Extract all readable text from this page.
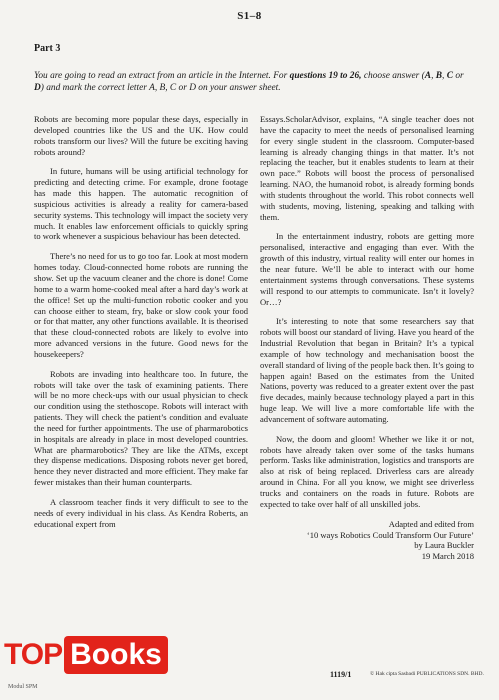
S1–8
Part 3
You are going to read an extract from an article in the Internet. For questions 19 to 26, choose answer (A, B, C or D) and mark the correct letter A, B, C or D on your answer sheet.

Robots are becoming more popular these days, especially in developed countries like the US and the UK. How could robots transform our lives? Will the future be exciting having robots around?

In future, humans will be using artificial technology for predicting and detecting crime. For example, drone footage has made this happen. The automatic recognition of suspicious activities is already a reality for camera-based security systems. This technology will impact the society very much. It enables law enforcement officials to quickly spring to work whenever a suspicious behaviour has been detected.

There’s no need for us to go too far. Look at most modern homes today. Cloud-connected home robots are running the show. Set up the vacuum cleaner and the chore is done! Come home to a warm home-cooked meal after a hard day’s work at the office! Set up the multi-function robotic cooker and you can choose either to steam, fry, bake or slow cook your food or for that matter, any other functions available. It is theorised that these cloud-connected robots are likely to evolve into more advanced versions in the future. Good news for the housekeepers?

Robots are invading into healthcare too. In future, the robots will take over the task of examining patients. There will be no more check-ups with our usual physician to check our condition using the stethoscope. Robots will interact with patients. They will check the patient’s condition and evaluate the need for further appointments. The use of pharmarobotics in hospitals are already in place in most developed countries. What are pharmarobotics? They are like the ATMs, except they dispense medications. Disposing robots never get bored, hence they never distracted and more efficient. They make far fewer mistakes than their human counterparts.

A classroom teacher finds it very difficult to see to the needs of every individual in his class. As Kendra Roberts, an educational expert from

Essays.ScholarAdvisor, explains, “A single teacher does not have the capacity to meet the needs of personalised learning for every single student in the classroom. Computer-based learning is already changing things in that matter. It’s not replacing the teacher, but it enables students to learn at their own pace.” Robots will boost the process of personalised learning. NAO, the humanoid robot, is already forming bonds with students throughout the world. This robot connects well with students, moving, listening, speaking and talking with them.

In the entertainment industry, robots are getting more personalised, interactive and engaging than ever. With the growth of this industry, virtual reality will enter our homes in the near future. We’ll be able to interact with our home entertainment systems through conversations. These systems will respond to our attempts to communicate. Isn’t it lovely? Or…?

It’s interesting to note that some researchers say that robots will boost our standard of living. Have you heard of the Industrial Revolution that began in Britain? It’s a typical example of how technology and mechanisation boost the overall standard of living of the people back then. It’s going to happen again! Based on the estimates from the United Nations, poverty was reduced to a greater extent over the past five decades, mainly because technology played a part in this huge leap. We will live a more comfortable life with the advancement of software automating.

Now, the doom and gloom! Whether we like it or not, robots have already taken over some of the tasks humans perform. Tasks like administration, logistics and transports are also at risk of being replaced. Driverless cars are already around in China. For all you know, we might see driverless trucks and containers on the roads in future. Robots are expected to take over half of all unskilled jobs.

Adapted and edited from
‘10 ways Robotics Could Transform Our Future’
by Laura Buckler
19 March 2018
TOP Books
Modul SPM
1119/1	© Hak cipta Sasbadi PUBLICATIONS SDN. BHD.
